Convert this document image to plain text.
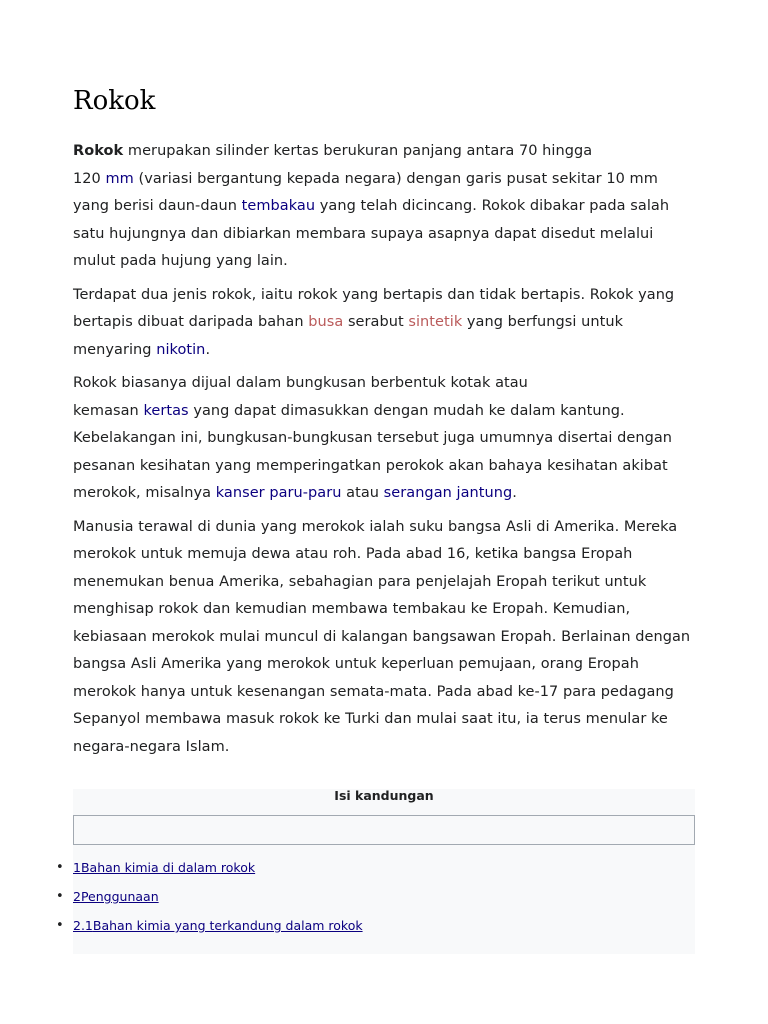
Rokok

Rokok merupakan silinder kertas berukuran panjang antara 70 hingga
120 mm (variasi bergantung kepada negara) dengan garis pusat sekitar 10 mm yang berisi daun-daun tembakau yang telah dicincang. Rokok dibakar pada salah satu hujungnya dan dibiarkan membara supaya asapnya dapat disedut melalui mulut pada hujung yang lain.

Terdapat dua jenis rokok, iaitu rokok yang bertapis dan tidak bertapis. Rokok yang bertapis dibuat daripada bahan busa serabut sintetik yang berfungsi untuk menyaring nikotin.

Rokok biasanya dijual dalam bungkusan berbentuk kotak atau
kemasan kertas yang dapat dimasukkan dengan mudah ke dalam kantung. Kebelakangan ini, bungkusan-bungkusan tersebut juga umumnya disertai dengan pesanan kesihatan yang memperingatkan perokok akan bahaya kesihatan akibat merokok, misalnya kanser paru-paru atau serangan jantung.

Manusia terawal di dunia yang merokok ialah suku bangsa Asli di Amerika. Mereka merokok untuk memuja dewa atau roh. Pada abad 16, ketika bangsa Eropah menemukan benua Amerika, sebahagian para penjelajah Eropah terikut untuk menghisap rokok dan kemudian membawa tembakau ke Eropah. Kemudian, kebiasaan merokok mulai muncul di kalangan bangsawan Eropah. Berlainan dengan bangsa Asli Amerika yang merokok untuk keperluan pemujaan, orang Eropah merokok hanya untuk kesenangan semata-mata. Pada abad ke-17 para pedagang Sepanyol membawa masuk rokok ke Turki dan mulai saat itu, ia terus menular ke negara-negara Islam.

Isi kandungan
• 1Bahan kimia di dalam rokok
• 2Penggunaan
• 2.1Bahan kimia yang terkandung dalam rokok
